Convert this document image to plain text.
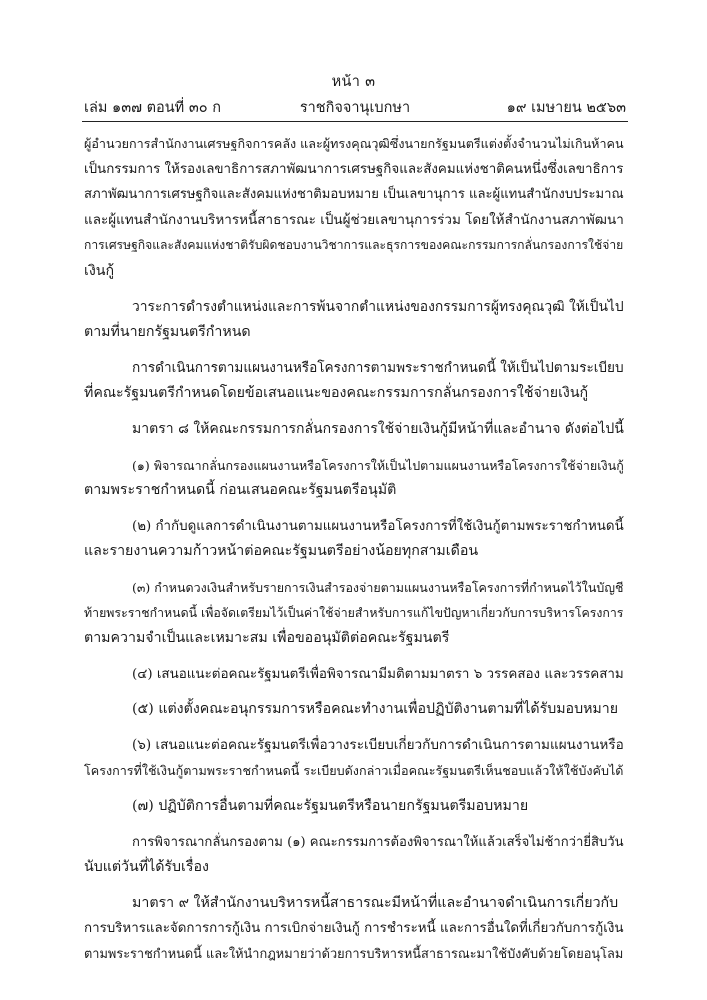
หน้า ๓
เล่ม ๑๓๗ ตอนที่ ๓๐ ก	ราชกิจจานุเบกษา	๑๙ เมษายน ๒๕๖๓
ผู้อำนวยการสำนักงานเศรษฐกิจการคลัง และผู้ทรงคุณวุฒิซึ่งนายกรัฐมนตรีแต่งตั้งจำนวนไม่เกินห้าคน
เป็นกรรมการ ให้รองเลขาธิการสภาพัฒนาการเศรษฐกิจและสังคมแห่งชาติคนหนึ่งซึ่งเลขาธิการ
สภาพัฒนาการเศรษฐกิจและสังคมแห่งชาติมอบหมาย เป็นเลขานุการ และผู้แทนสำนักงบประมาณ
และผู้แทนสำนักงานบริหารหนี้สาธารณะ เป็นผู้ช่วยเลขานุการร่วม โดยให้สำนักงานสภาพัฒนา
การเศรษฐกิจและสังคมแห่งชาติรับผิดชอบงานวิชาการและธุรการของคณะกรรมการกลั่นกรองการใช้จ่าย
เงินกู้
วาระการดำรงตำแหน่งและการพ้นจากตำแหน่งของกรรมการผู้ทรงคุณวุฒิ ให้เป็นไป
ตามที่นายกรัฐมนตรีกำหนด
การดำเนินการตามแผนงานหรือโครงการตามพระราชกำหนดนี้ ให้เป็นไปตามระเบียบ
ที่คณะรัฐมนตรีกำหนดโดยข้อเสนอแนะของคณะกรรมการกลั่นกรองการใช้จ่ายเงินกู้
มาตรา ๘ ให้คณะกรรมการกลั่นกรองการใช้จ่ายเงินกู้มีหน้าที่และอำนาจ ดังต่อไปนี้
(๑) พิจารณากลั่นกรองแผนงานหรือโครงการให้เป็นไปตามแผนงานหรือโครงการใช้จ่ายเงินกู้
ตามพระราชกำหนดนี้ ก่อนเสนอคณะรัฐมนตรีอนุมัติ
(๒) กำกับดูแลการดำเนินงานตามแผนงานหรือโครงการที่ใช้เงินกู้ตามพระราชกำหนดนี้
และรายงานความก้าวหน้าต่อคณะรัฐมนตรีอย่างน้อยทุกสามเดือน
(๓) กำหนดวงเงินสำหรับรายการเงินสำรองจ่ายตามแผนงานหรือโครงการที่กำหนดไว้ในบัญชี
ท้ายพระราชกำหนดนี้ เพื่อจัดเตรียมไว้เป็นค่าใช้จ่ายสำหรับการแก้ไขปัญหาเกี่ยวกับการบริหารโครงการ
ตามความจำเป็นและเหมาะสม เพื่อขออนุมัติต่อคณะรัฐมนตรี
(๔) เสนอแนะต่อคณะรัฐมนตรีเพื่อพิจารณามีมติตามมาตรา ๖ วรรคสอง และวรรคสาม
(๕) แต่งตั้งคณะอนุกรรมการหรือคณะทำงานเพื่อปฏิบัติงานตามที่ได้รับมอบหมาย
(๖) เสนอแนะต่อคณะรัฐมนตรีเพื่อวางระเบียบเกี่ยวกับการดำเนินการตามแผนงานหรือ
โครงการที่ใช้เงินกู้ตามพระราชกำหนดนี้ ระเบียบดังกล่าวเมื่อคณะรัฐมนตรีเห็นชอบแล้วให้ใช้บังคับได้
(๗) ปฏิบัติการอื่นตามที่คณะรัฐมนตรีหรือนายกรัฐมนตรีมอบหมาย
การพิจารณากลั่นกรองตาม (๑) คณะกรรมการต้องพิจารณาให้แล้วเสร็จไม่ช้ากว่ายี่สิบวัน
นับแต่วันที่ได้รับเรื่อง
มาตรา ๙ ให้สำนักงานบริหารหนี้สาธารณะมีหน้าที่และอำนาจดำเนินการเกี่ยวกับ
การบริหารและจัดการการกู้เงิน การเบิกจ่ายเงินกู้ การชำระหนี้ และการอื่นใดที่เกี่ยวกับการกู้เงิน
ตามพระราชกำหนดนี้ และให้นำกฎหมายว่าด้วยการบริหารหนี้สาธารณะมาใช้บังคับด้วยโดยอนุโลม
